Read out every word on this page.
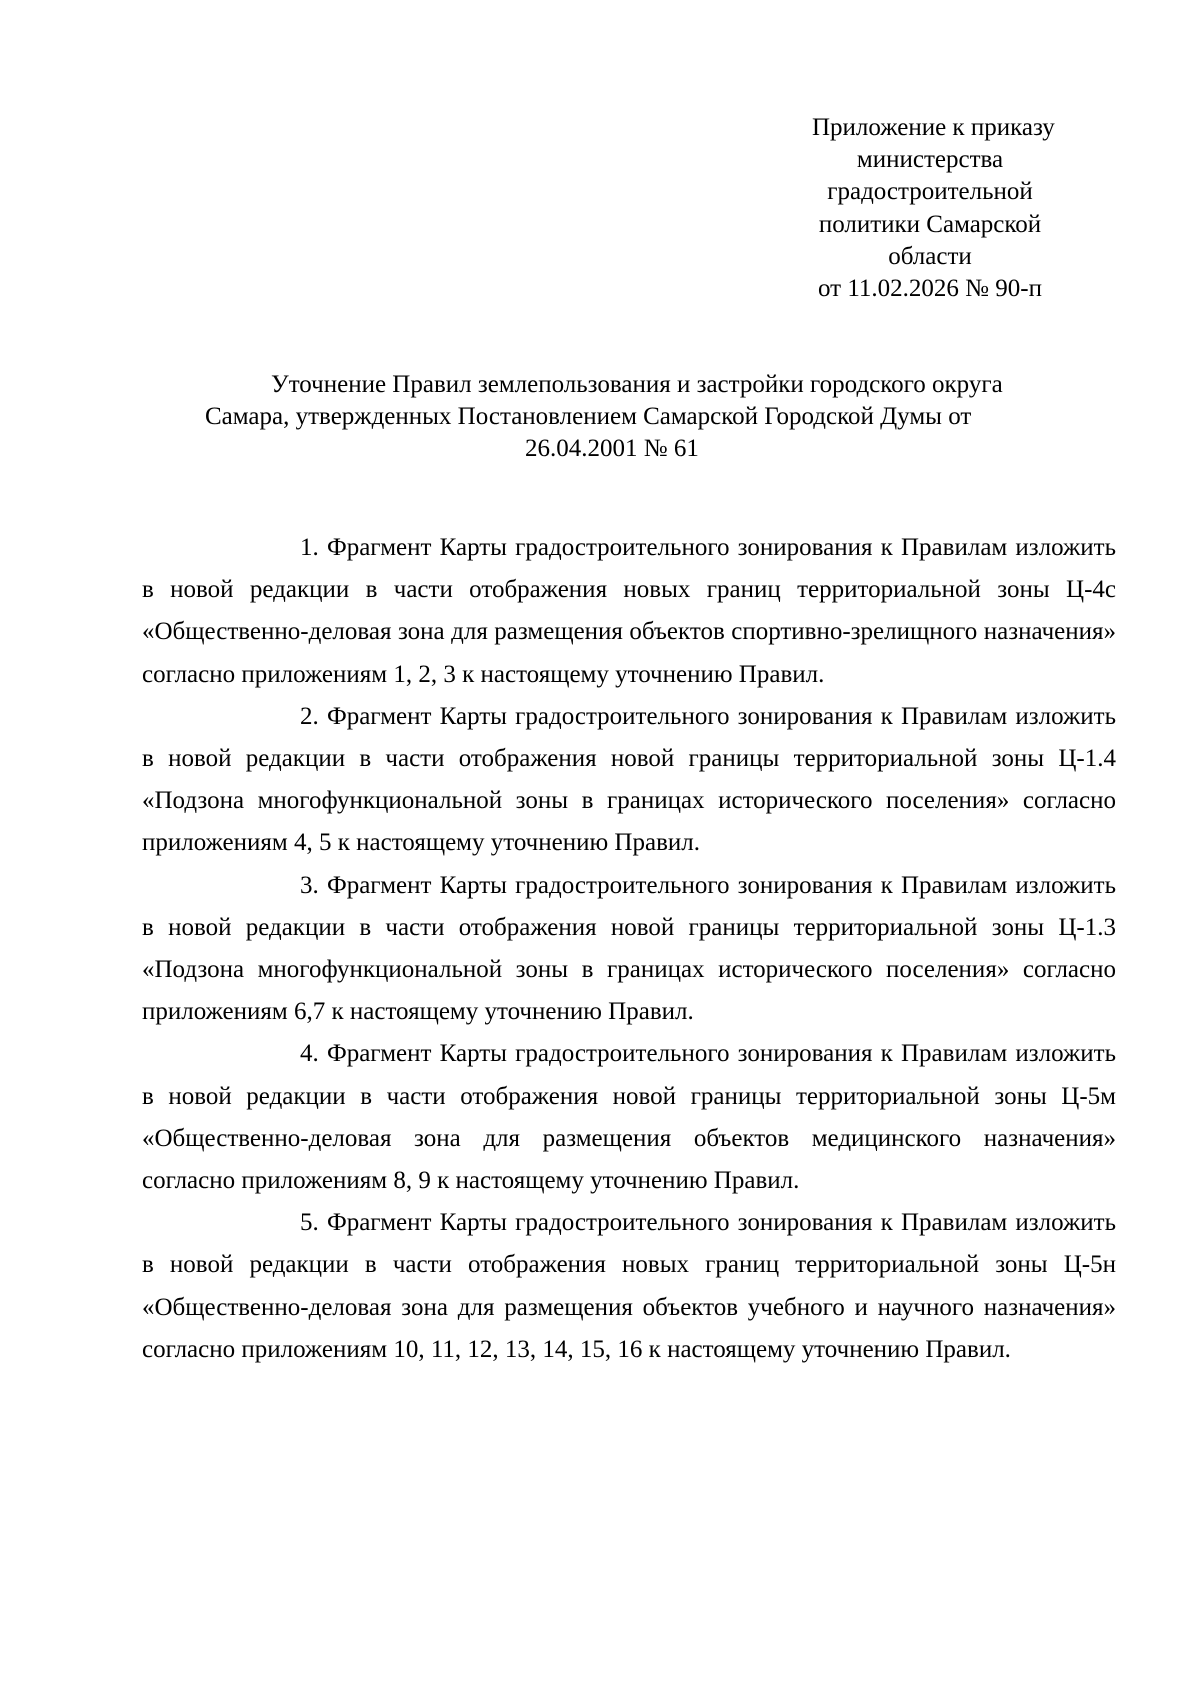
Приложение к приказу
министерства
градостроительной
политики Самарской
области
от 11.02.2026 № 90-п
Уточнение Правил землепользования и застройки городского округа
Самара, утвержденных Постановлением Самарской Городской Думы от
26.04.2001 № 61

1. Фрагмент Карты градостроительного зонирования к Правилам изложить в новой редакции в части отображения новых границ территориальной зоны Ц-4с «Общественно-деловая зона для размещения объектов спортивно-зрелищного назначения» согласно приложениям 1, 2, 3 к настоящему уточнению Правил.

2. Фрагмент Карты градостроительного зонирования к Правилам изложить в новой редакции в части отображения новой границы территориальной зоны Ц-1.4 «Подзона многофункциональной зоны в границах исторического поселения» согласно приложениям 4, 5 к настоящему уточнению Правил.

3. Фрагмент Карты градостроительного зонирования к Правилам изложить в новой редакции в части отображения новой границы территориальной зоны Ц-1.3 «Подзона многофункциональной зоны в границах исторического поселения» согласно приложениям 6,7 к настоящему уточнению Правил.

4. Фрагмент Карты градостроительного зонирования к Правилам изложить в новой редакции в части отображения новой границы территориальной зоны Ц-5м «Общественно-деловая зона для размещения объектов медицинского назначения» согласно приложениям 8, 9 к настоящему уточнению Правил.

5. Фрагмент Карты градостроительного зонирования к Правилам изложить в новой редакции в части отображения новых границ территориальной зоны Ц-5н «Общественно-деловая зона для размещения объектов учебного и научного назначения» согласно приложениям 10, 11, 12, 13, 14, 15, 16 к настоящему уточнению Правил.
